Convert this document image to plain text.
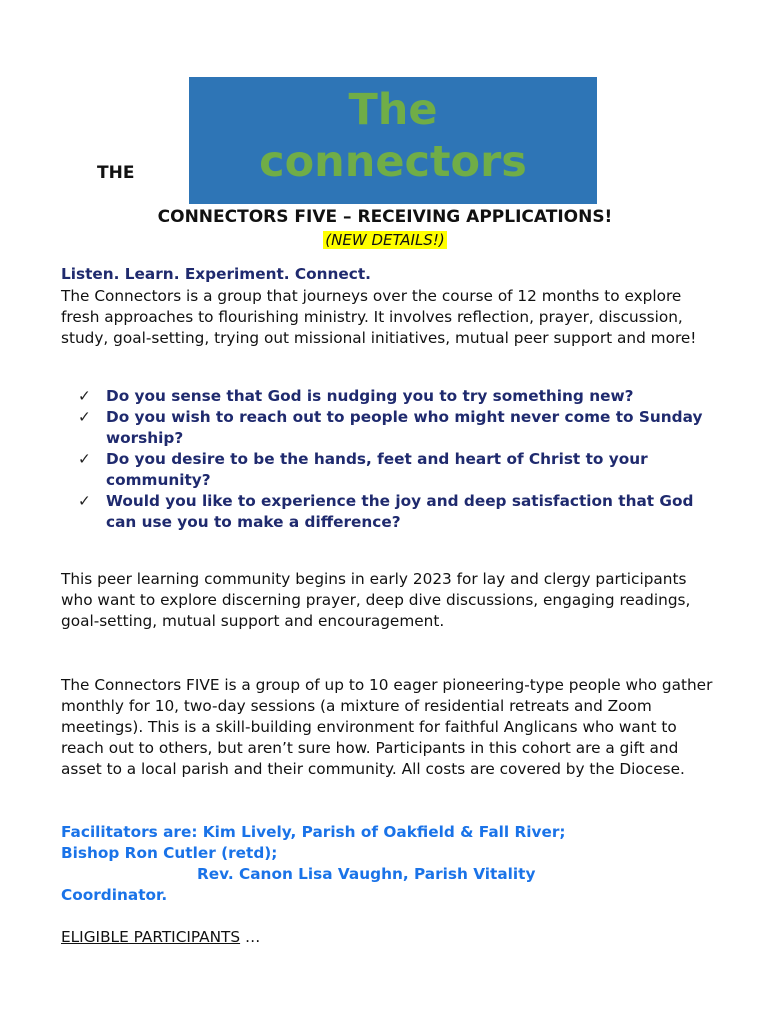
THE
The
connectors
CONNECTORS FIVE – RECEIVING APPLICATIONS!
(NEW DETAILS!)
Listen. Learn. Experiment. Connect.
The Connectors is a group that journeys over the course of 12 months to explore fresh approaches to flourishing ministry. It involves reflection, prayer, discussion, study, goal-setting, trying out missional initiatives, mutual peer support and more!
✓ Do you sense that God is nudging you to try something new?
✓ Do you wish to reach out to people who might never come to Sunday worship?
✓ Do you desire to be the hands, feet and heart of Christ to your community?
✓ Would you like to experience the joy and deep satisfaction that God can use you to make a difference?
This peer learning community begins in early 2023 for lay and clergy participants who want to explore discerning prayer, deep dive discussions, engaging readings, goal-setting, mutual support and encouragement.
The Connectors FIVE is a group of up to 10 eager pioneering-type people who gather monthly for 10, two-day sessions (a mixture of residential retreats and Zoom meetings). This is a skill-building environment for faithful Anglicans who want to reach out to others, but aren’t sure how. Participants in this cohort are a gift and asset to a local parish and their community. All costs are covered by the Diocese.
Facilitators are: Kim Lively, Parish of Oakfield & Fall River;
Bishop Ron Cutler (retd);
Rev. Canon Lisa Vaughn, Parish Vitality
Coordinator.
ELIGIBLE PARTICIPANTS …
